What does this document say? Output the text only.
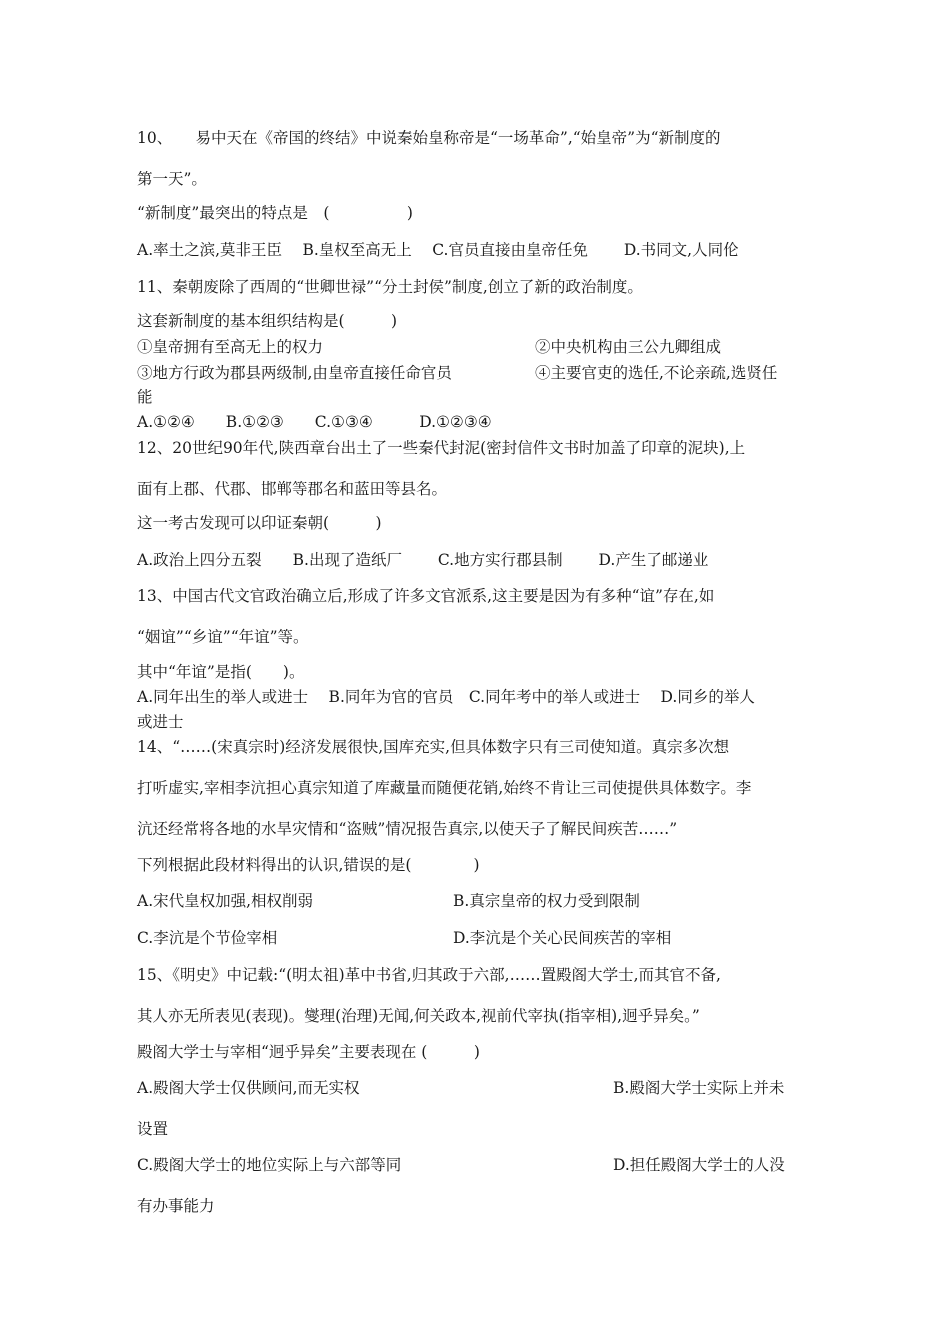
10、　　易中天在《帝国的终结》中说秦始皇称帝是“一场革命”,“始皇帝”为“新制度的
第一天”。
“新制度”最突出的特点是　(　　　　　)
A.率土之滨,莫非王臣　 B.皇权至高无上　 C.官员直接由皇帝任免　　 D.书同文,人同伦
11、秦朝废除了西周的“世卿世禄”“分土封侯”制度,创立了新的政治制度。
这套新制度的基本组织结构是(　　　)
①皇帝拥有至高无上的权力	②中央机构由三公九卿组成
③地方行政为郡县两级制,由皇帝直接任命官员	④主要官吏的选任,不论亲疏,选贤任
能
A.①②④　　B.①②③　　C.①③④　　　D.①②③④
12、20世纪90年代,陕西章台出土了一些秦代封泥(密封信件文书时加盖了印章的泥块),上
面有上郡、代郡、邯郸等郡名和蓝田等县名。
这一考古发现可以印证秦朝(　　　)
A.政治上四分五裂　　B.出现了造纸厂　　 C.地方实行郡县制　　 D.产生了邮递业
13、中国古代文官政治确立后,形成了许多文官派系,这主要是因为有多种“谊”存在,如
“姻谊”“乡谊”“年谊”等。
其中“年谊”是指(　　)。
A.同年出生的举人或进士　 B.同年为官的官员　C.同年考中的举人或进士　 D.同乡的举人
或进士
14、“……(宋真宗时)经济发展很快,国库充实,但具体数字只有三司使知道。真宗多次想
打听虚实,宰相李沆担心真宗知道了库藏量而随便花销,始终不肯让三司使提供具体数字。李
沆还经常将各地的水旱灾情和“盗贼”情况报告真宗,以使天子了解民间疾苦……”
下列根据此段材料得出的认识,错误的是(　　　　)
A.宋代皇权加强,相权削弱	B.真宗皇帝的权力受到限制
C.李沆是个节俭宰相	D.李沆是个关心民间疾苦的宰相
15、《明史》中记载:“(明太祖)革中书省,归其政于六部,……置殿阁大学士,而其官不备,
其人亦无所表见(表现)。燮理(治理)无闻,何关政本,视前代宰执(指宰相),迥乎异矣。”
殿阁大学士与宰相“迥乎异矣”主要表现在 (　　　)
A.殿阁大学士仅供顾问,而无实权	B.殿阁大学士实际上并未
设置
C.殿阁大学士的地位实际上与六部等同	D.担任殿阁大学士的人没
有办事能力
